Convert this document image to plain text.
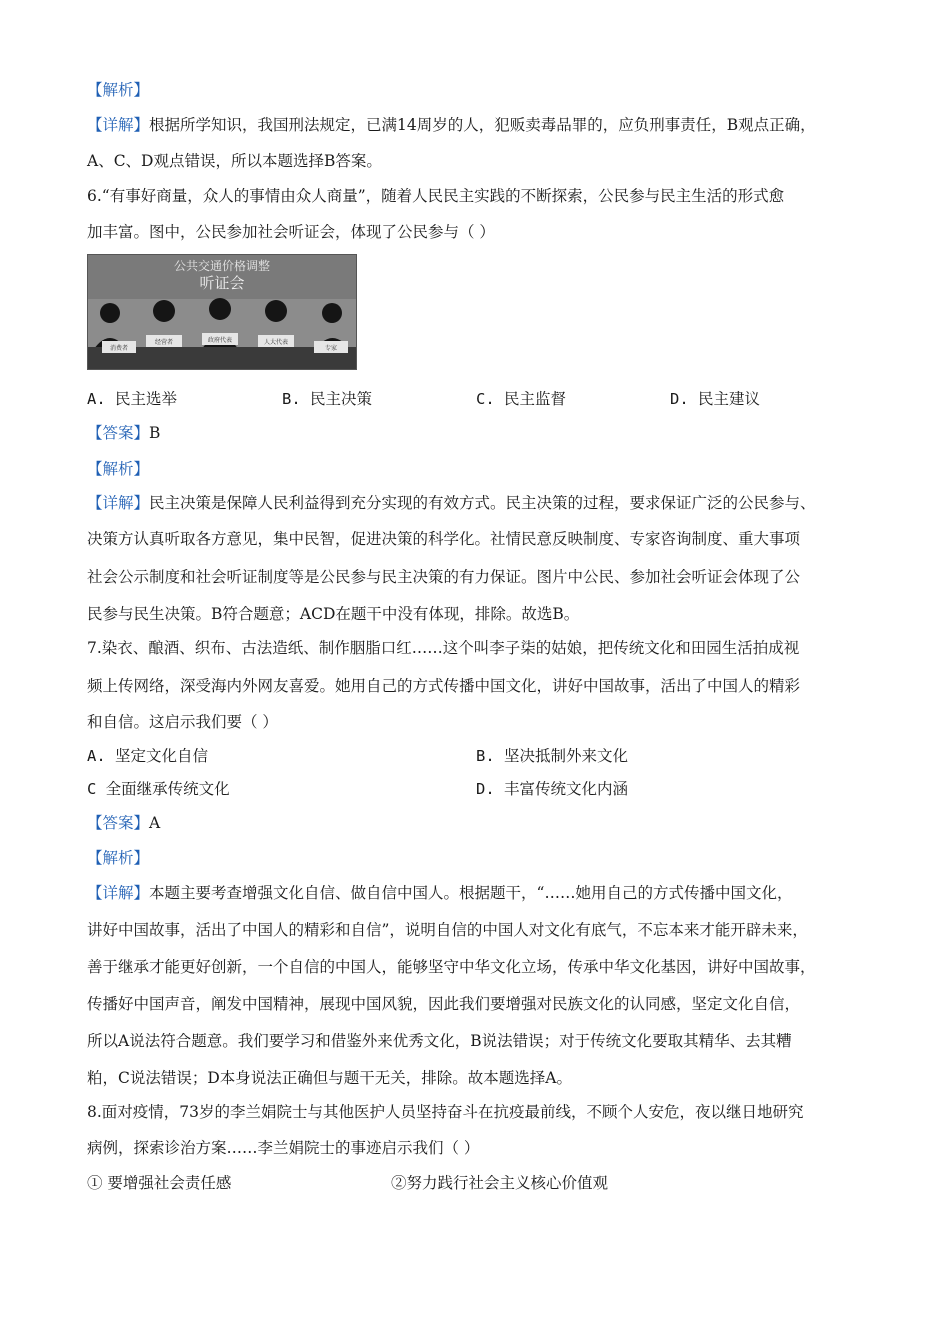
【解析】
【详解】根据所学知识，我国刑法规定，已满14周岁的人，犯贩卖毒品罪的，应负刑事责任，B观点正确，
A、C、D观点错误，所以本题选择B答案。
6.“有事好商量，众人的事情由众人商量”，随着人民民主实践的不断探索，公民参与民主生活的形式愈
加丰富。图中，公民参加社会听证会，体现了公民参与（ ）
公共交通价格调整
听证会
消费者
经营者	政府代表	人大代表
专家
A. 民主选举	B. 民主决策	C. 民主监督	D. 民主建议
【答案】B
【解析】
【详解】民主决策是保障人民利益得到充分实现的有效方式。民主决策的过程，要求保证广泛的公民参与、
决策方认真听取各方意见，集中民智，促进决策的科学化。社情民意反映制度、专家咨询制度、重大事项
社会公示制度和社会听证制度等是公民参与民主决策的有力保证。图片中公民、参加社会听证会体现了公
民参与民生决策。B符合题意；ACD在题干中没有体现，排除。故选B。
7.染衣、酿酒、织布、古法造纸、制作胭脂口红……这个叫李子柒的姑娘，把传统文化和田园生活拍成视
频上传网络，深受海内外网友喜爱。她用自己的方式传播中国文化，讲好中国故事，活出了中国人的精彩
和自信。这启示我们要（ ）
A. 坚定文化自信	B. 坚决抵制外来文化
C 全面继承传统文化	D. 丰富传统文化内涵
【答案】A
【解析】
【详解】本题主要考查增强文化自信、做自信中国人。根据题干，“……她用自己的方式传播中国文化，
讲好中国故事，活出了中国人的精彩和自信”，说明自信的中国人对文化有底气，不忘本来才能开辟未来，
善于继承才能更好创新，一个自信的中国人，能够坚守中华文化立场，传承中华文化基因，讲好中国故事，
传播好中国声音，阐发中国精神，展现中国风貌，因此我们要增强对民族文化的认同感，坚定文化自信，
所以A说法符合题意。我们要学习和借鉴外来优秀文化，B说法错误；对于传统文化要取其精华、去其糟
粕，C说法错误；D本身说法正确但与题干无关，排除。故本题选择A。
8.面对疫情，73岁的李兰娟院士与其他医护人员坚持奋斗在抗疫最前线，不顾个人安危，夜以继日地研究
病例，探索诊治方案……李兰娟院士的事迹启示我们（ ）
① 要增强社会责任感	②努力践行社会主义核心价值观
